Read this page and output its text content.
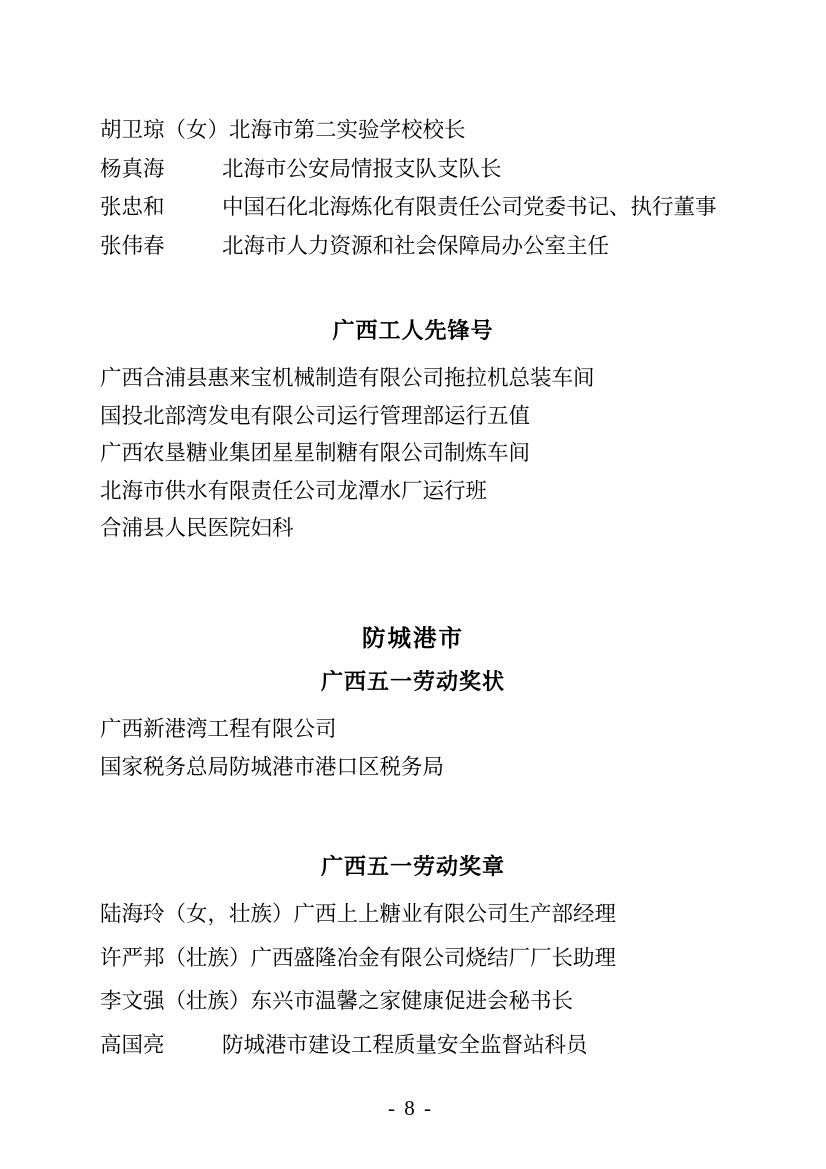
胡卫琼（女） 北海市第二实验学校校长
杨真海	北海市公安局情报支队支队长
张忠和	中国石化北海炼化有限责任公司党委书记、执行董事
张伟春	北海市人力资源和社会保障局办公室主任
广西工人先锋号
广西合浦县惠来宝机械制造有限公司拖拉机总装车间
国投北部湾发电有限公司运行管理部运行五值
广西农垦糖业集团星星制糖有限公司制炼车间
北海市供水有限责任公司龙潭水厂运行班
合浦县人民医院妇科
防城港市
广西五一劳动奖状
广西新港湾工程有限公司
国家税务总局防城港市港口区税务局
广西五一劳动奖章
陆海玲（女，壮族） 广西上上糖业有限公司生产部经理
许严邦（壮族） 广西盛隆冶金有限公司烧结厂厂长助理
李文强（壮族） 东兴市温馨之家健康促进会秘书长
高国亮	防城港市建设工程质量安全监督站科员
- 8 -
